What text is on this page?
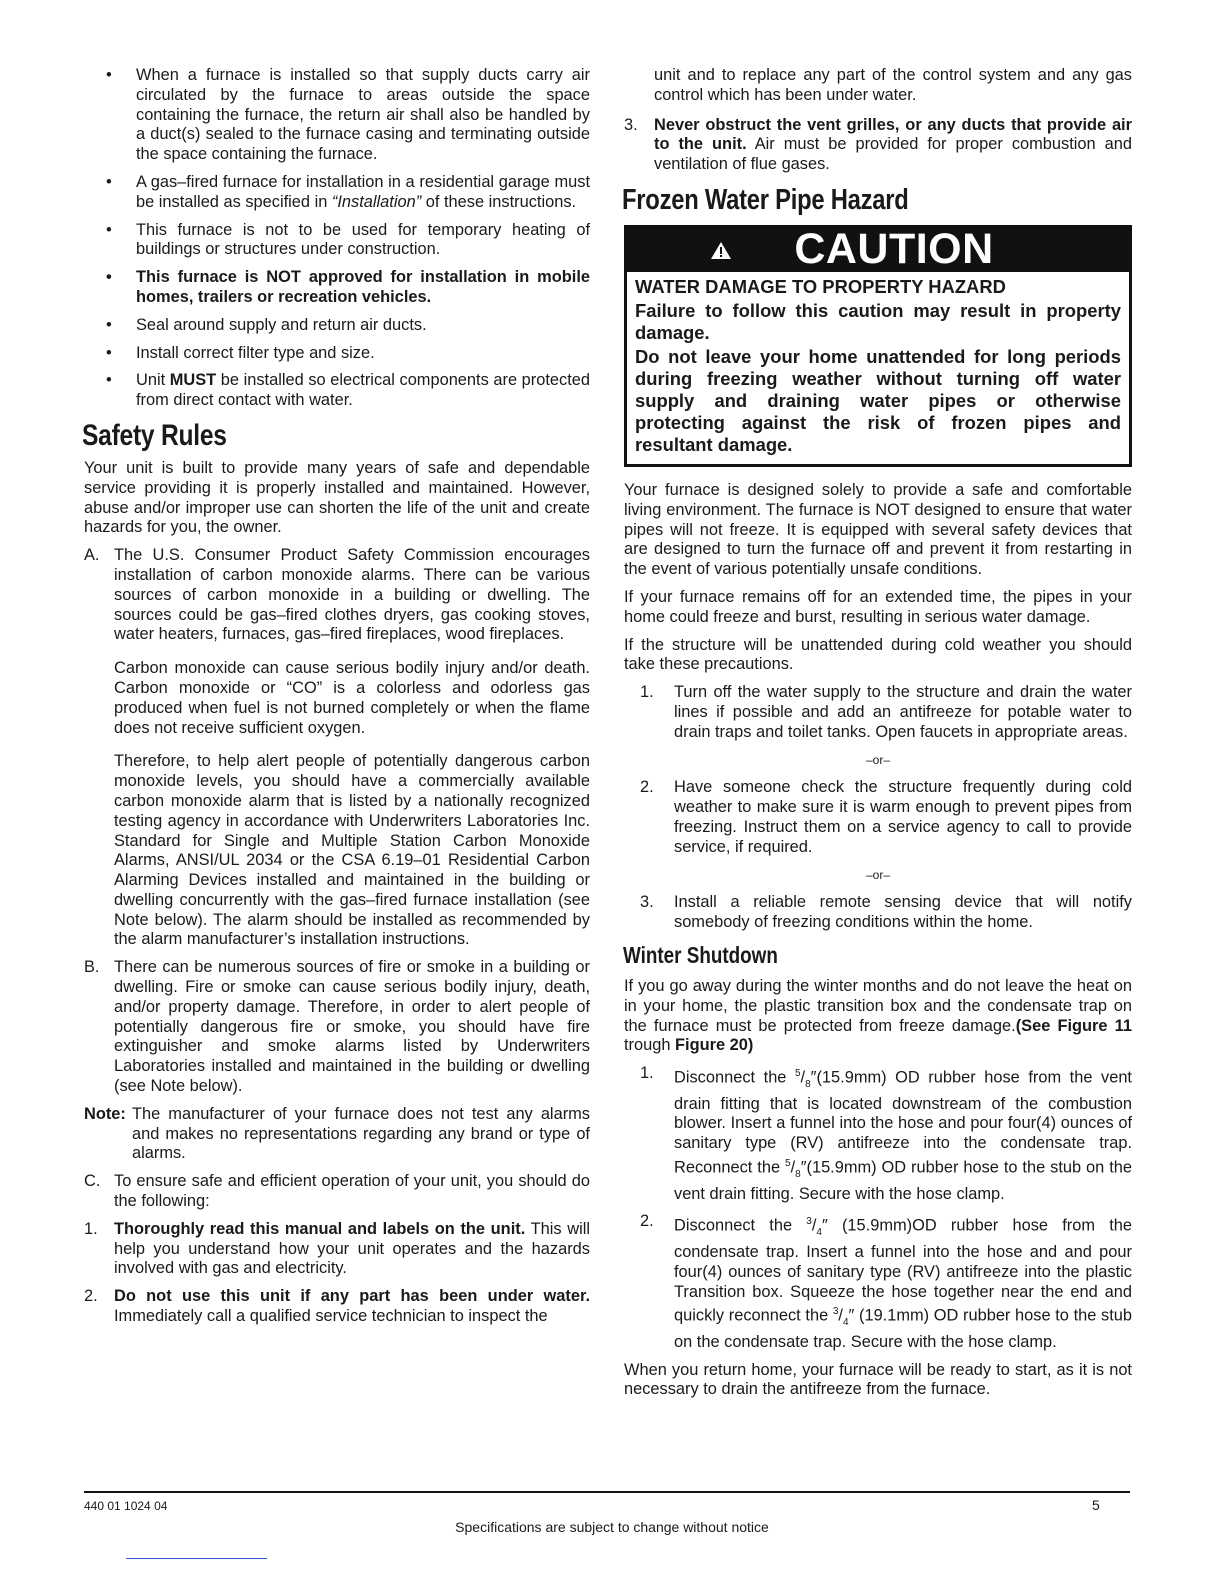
• When a furnace is installed so that supply ducts carry air circulated by the furnace to areas outside the space containing the furnace, the return air shall also be handled by a duct(s) sealed to the furnace casing and terminating outside the space containing the furnace.
• A gas–fired furnace for installation in a residential garage must be installed as specified in “Installation” of these instructions.
• This furnace is not to be used for temporary heating of buildings or structures under construction.
• This furnace is NOT approved for installation in mobile homes, trailers or recreation vehicles.
• Seal around supply and return air ducts.
• Install correct filter type and size.
• Unit MUST be installed so electrical components are protected from direct contact with water.
Safety Rules

Your unit is built to provide many years of safe and dependable service providing it is properly installed and maintained. However, abuse and/or improper use can shorten the life of the unit and create hazards for you, the owner.

A. The U.S. Consumer Product Safety Commission encourages installation of carbon monoxide alarms. There can be various sources of carbon monoxide in a building or dwelling. The sources could be gas–fired clothes dryers, gas cooking stoves, water heaters, furnaces, gas–fired fireplaces, wood fireplaces.
Carbon monoxide can cause serious bodily injury and/or death. Carbon monoxide or “CO” is a colorless and odorless gas produced when fuel is not burned completely or when the flame does not receive sufficient oxygen.
Therefore, to help alert people of potentially dangerous carbon monoxide levels, you should have a commercially available carbon monoxide alarm that is listed by a nationally recognized testing agency in accordance with Underwriters Laboratories Inc. Standard for Single and Multiple Station Carbon Monoxide Alarms, ANSI/UL 2034 or the CSA 6.19–01 Residential Carbon Alarming Devices installed and maintained in the building or dwelling concurrently with the gas–fired furnace installation (see Note below). The alarm should be installed as recommended by the alarm manufacturer’s installation instructions.
B. There can be numerous sources of fire or smoke in a building or dwelling. Fire or smoke can cause serious bodily injury, death, and/or property damage. Therefore, in order to alert people of potentially dangerous fire or smoke, you should have fire extinguisher and smoke alarms listed by Underwriters Laboratories installed and maintained in the building or dwelling (see Note below).
Note: The manufacturer of your furnace does not test any alarms and makes no representations regarding any brand or type of alarms.
C. To ensure safe and efficient operation of your unit, you should do the following:
1. Thoroughly read this manual and labels on the unit. This will help you understand how your unit operates and the hazards involved with gas and electricity.
2. Do not use this unit if any part has been under water. Immediately call a qualified service technician to inspect the
unit and to replace any part of the control system and any gas control which has been under water.
3. Never obstruct the vent grilles, or any ducts that provide air to the unit. Air must be provided for proper combustion and ventilation of flue gases.
Frozen Water Pipe Hazard
CAUTION

WATER DAMAGE TO PROPERTY HAZARD

Failure to follow this caution may result in property damage.

Do not leave your home unattended for long periods during freezing weather without turning off water supply and draining water pipes or otherwise protecting against the risk of frozen pipes and resultant damage.

Your furnace is designed solely to provide a safe and comfortable living environment. The furnace is NOT designed to ensure that water pipes will not freeze. It is equipped with several safety devices that are designed to turn the furnace off and prevent it from restarting in the event of various potentially unsafe conditions.

If your furnace remains off for an extended time, the pipes in your home could freeze and burst, resulting in serious water damage.

If the structure will be unattended during cold weather you should take these precautions.

1. Turn off the water supply to the structure and drain the water lines if possible and add an antifreeze for potable water to drain traps and toilet tanks. Open faucets in appropriate areas.
–or–
2. Have someone check the structure frequently during cold weather to make sure it is warm enough to prevent pipes from freezing. Instruct them on a service agency to call to provide service, if required.
–or–
3. Install a reliable remote sensing device that will notify somebody of freezing conditions within the home.
Winter Shutdown

If you go away during the winter months and do not leave the heat on in your home, the plastic transition box and the condensate trap on the furnace must be protected from freeze damage.(See Figure 11 trough Figure 20)

1. Disconnect the $^5/_8''(15.9mm)$ OD rubber hose from the vent drain fitting that is located downstream of the combustion blower. Insert a funnel into the hose and pour four(4) ounces of sanitary type (RV) antifreeze into the condensate trap. Reconnect the $^5/_8''(15.9mm)$ OD rubber hose to the stub on the vent drain fitting. Secure with the hose clamp.
2. Disconnect the $^3/_4''$ (15.9mm)OD rubber hose from the condensate trap. Insert a funnel into the hose and and pour four(4) ounces of sanitary type (RV) antifreeze into the plastic Transition box. Squeeze the hose together near the end and quickly reconnect the $^3/_4''$ (19.1mm) OD rubber hose to the stub on the condensate trap. Secure with the hose clamp.

When you return home, your furnace will be ready to start, as it is not necessary to drain the antifreeze from the furnace.

440 01 1024 04	5
Specifications are subject to change without notice
